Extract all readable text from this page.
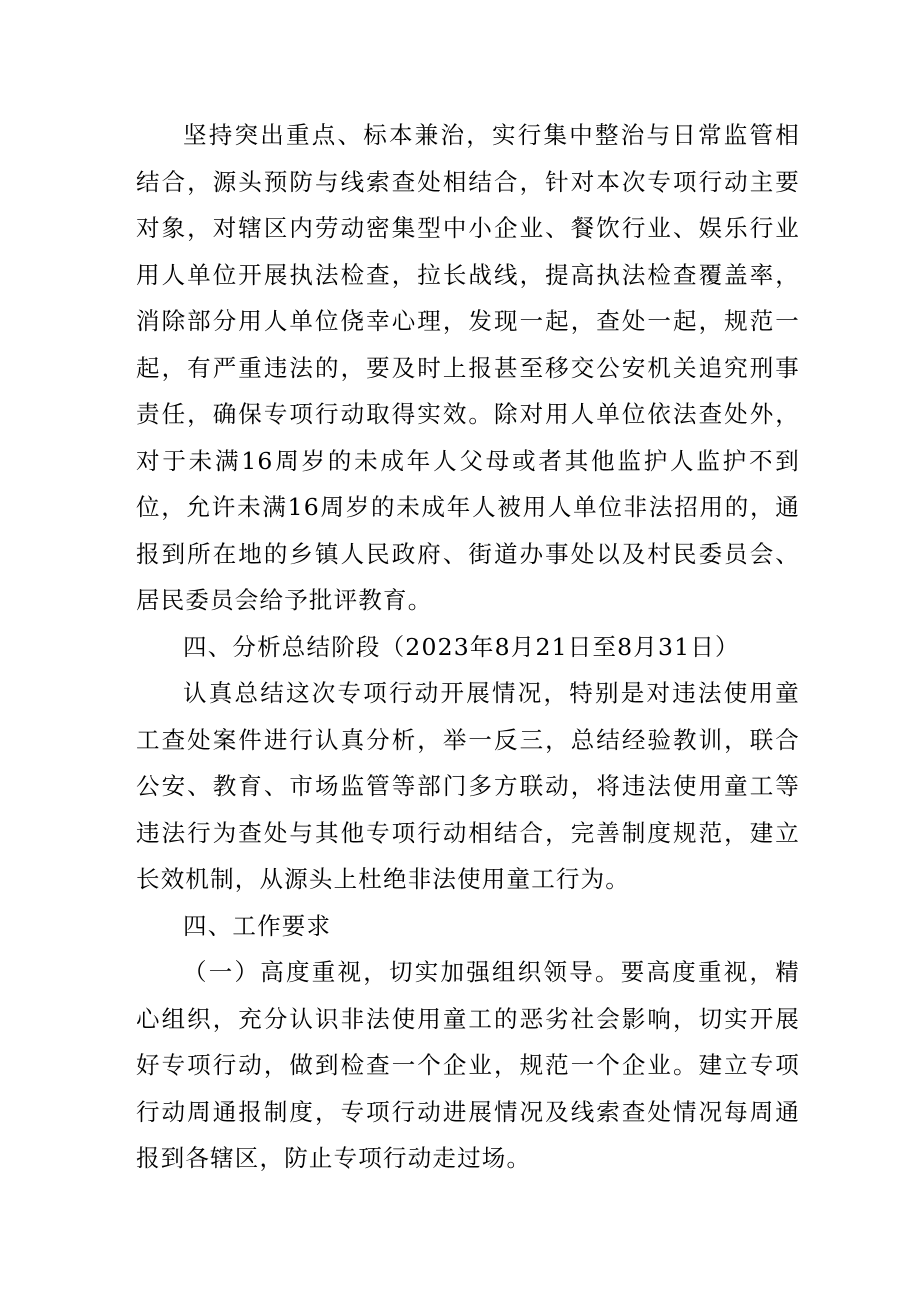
坚持突出重点、标本兼治，实行集中整治与日常监管相结合，源头预防与线索查处相结合，针对本次专项行动主要对象，对辖区内劳动密集型中小企业、餐饮行业、娱乐行业用人单位开展执法检查，拉长战线，提高执法检查覆盖率，消除部分用人单位侥幸心理，发现一起，查处一起，规范一起，有严重违法的，要及时上报甚至移交公安机关追究刑事责任，确保专项行动取得实效。除对用人单位依法查处外，对于未满16周岁的未成年人父母或者其他监护人监护不到位，允许未满16周岁的未成年人被用人单位非法招用的，通报到所在地的乡镇人民政府、街道办事处以及村民委员会、居民委员会给予批评教育。

四、分析总结阶段（2023年8月21日至8月31日）

认真总结这次专项行动开展情况，特别是对违法使用童工查处案件进行认真分析，举一反三，总结经验教训，联合公安、教育、市场监管等部门多方联动，将违法使用童工等违法行为查处与其他专项行动相结合，完善制度规范，建立长效机制，从源头上杜绝非法使用童工行为。

四、工作要求

（一）高度重视，切实加强组织领导。要高度重视，精心组织，充分认识非法使用童工的恶劣社会影响，切实开展好专项行动，做到检查一个企业，规范一个企业。建立专项行动周通报制度，专项行动进展情况及线索查处情况每周通报到各辖区，防止专项行动走过场。
